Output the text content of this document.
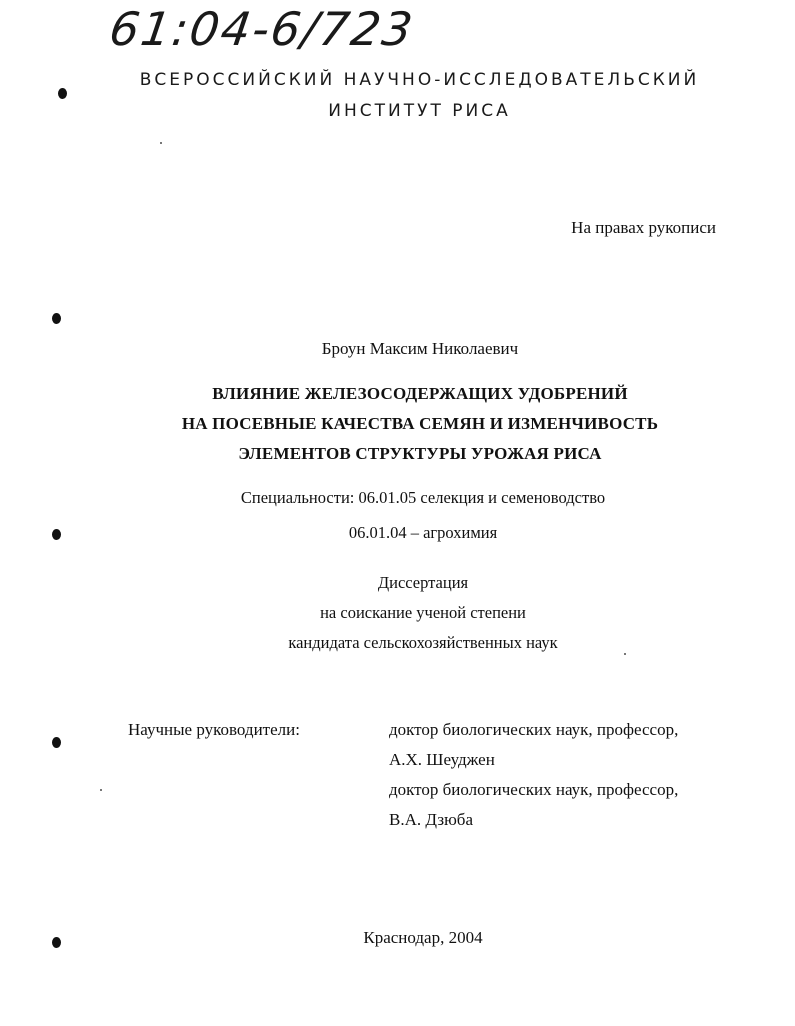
61:04-6/723
ВСЕРОССИЙСКИЙ НАУЧНО-ИССЛЕДОВАТЕЛЬСКИЙ
ИНСТИТУТ РИСА
На правах рукописи
Броун Максим Николаевич
ВЛИЯНИЕ ЖЕЛЕЗОСОДЕРЖАЩИХ УДОБРЕНИЙ
НА ПОСЕВНЫЕ КАЧЕСТВА СЕМЯН И ИЗМЕНЧИВОСТЬ
ЭЛЕМЕНТОВ СТРУКТУРЫ УРОЖАЯ РИСА
Специальности: 06.01.05 селекция и семеноводство
06.01.04 – агрохимия
Диссертация
на соискание ученой степени
кандидата сельскохозяйственных наук
Научные руководители:	доктор биологических наук, профессор,
А.Х. Шеуджен
доктор биологических наук, профессор,
В.А. Дзюба
Краснодар, 2004
